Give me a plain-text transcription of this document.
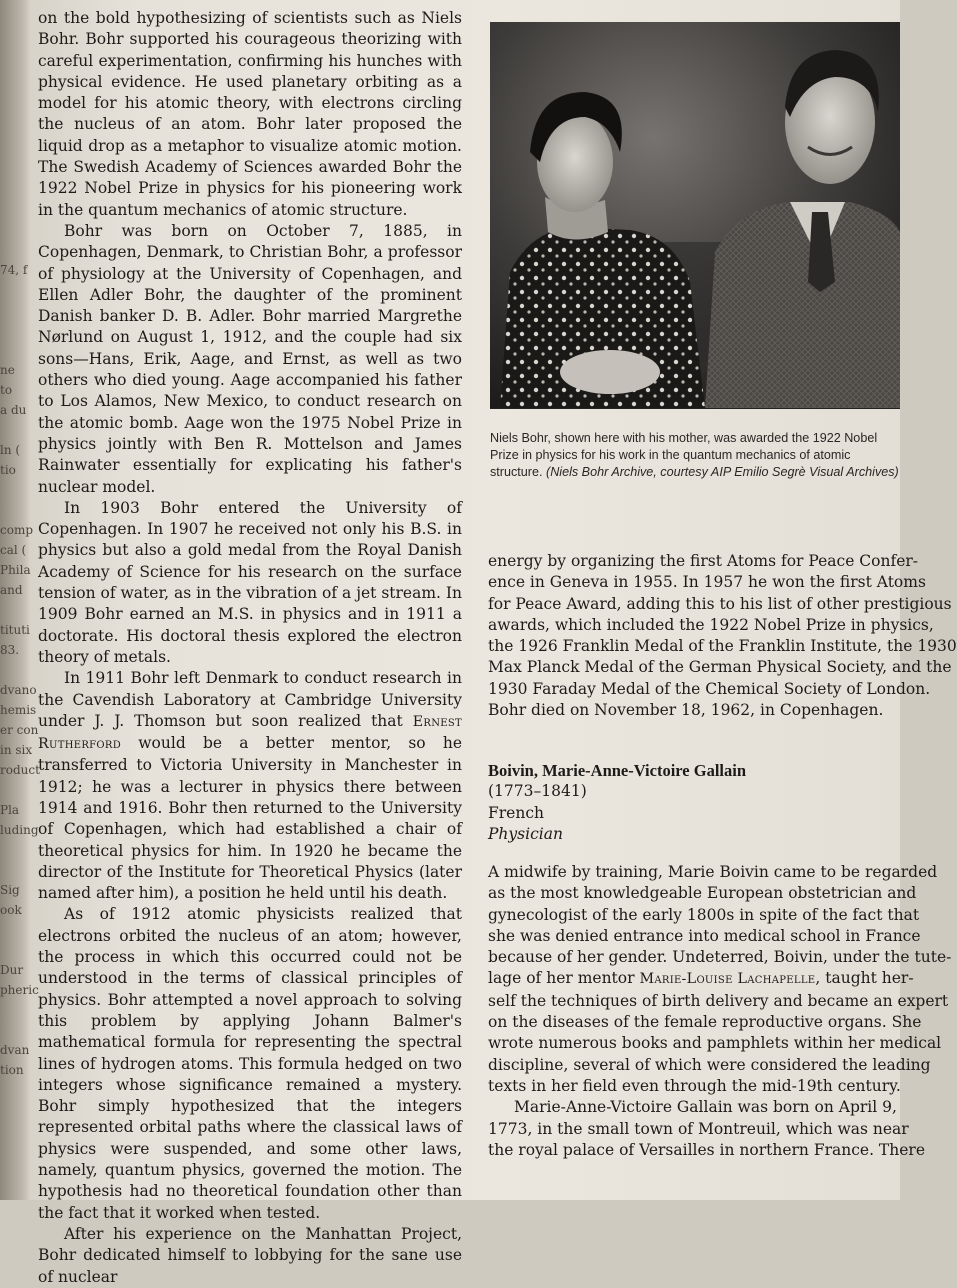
74, f

ne
to
a du

ln (
tio

comp
cal (
Phila
and

tituti
83.

dvano
hemis
er con
in six
roduct

Pla
luding

Sig
ook

Dur
pheric

dvan
tion

on the bold hypothesizing of scientists such as Niels Bohr. Bohr supported his courageous theorizing with careful experimentation, confirming his hunches with physical evidence. He used planetary orbiting as a model for his atomic theory, with electrons circling the nucleus of an atom. Bohr later proposed the liquid drop as a metaphor to visualize atomic motion. The Swedish Academy of Sciences awarded Bohr the 1922 Nobel Prize in physics for his pioneering work in the quantum mechanics of atomic structure.

Bohr was born on October 7, 1885, in Copenhagen, Denmark, to Christian Bohr, a professor of physiology at the University of Copenhagen, and Ellen Adler Bohr, the daughter of the prominent Danish banker D. B. Adler. Bohr married Margrethe Nørlund on August 1, 1912, and the couple had six sons—Hans, Erik, Aage, and Ernst, as well as two others who died young. Aage accompanied his father to Los Alamos, New Mexico, to conduct research on the atomic bomb. Aage won the 1975 Nobel Prize in physics jointly with Ben R. Mottelson and James Rainwater essentially for explicating his father's nuclear model.

In 1903 Bohr entered the University of Copenhagen. In 1907 he received not only his B.S. in physics but also a gold medal from the Royal Danish Academy of Science for his research on the surface tension of water, as in the vibration of a jet stream. In 1909 Bohr earned an M.S. in physics and in 1911 a doctorate. His doctoral thesis explored the electron theory of metals.

In 1911 Bohr left Denmark to conduct research in the Cavendish Laboratory at Cambridge University under J. J. Thomson but soon realized that Ernest Rutherford would be a better mentor, so he transferred to Victoria University in Manchester in 1912; he was a lecturer in physics there between 1914 and 1916. Bohr then returned to the University of Copenhagen, which had established a chair of theoretical physics for him. In 1920 he became the director of the Institute for Theoretical Physics (later named after him), a position he held until his death.

As of 1912 atomic physicists realized that electrons orbited the nucleus of an atom; however, the process in which this occurred could not be understood in the terms of classical principles of physics. Bohr attempted a novel approach to solving this problem by applying Johann Balmer's mathematical formula for representing the spectral lines of hydrogen atoms. This formula hedged on two integers whose significance remained a mystery. Bohr simply hypothesized that the integers represented orbital paths where the classical laws of physics were suspended, and some other laws, namely, quantum physics, governed the motion. The hypothesis had no theoretical foundation other than the fact that it worked when tested.

After his experience on the Manhattan Project, Bohr dedicated himself to lobbying for the sane use of nuclear

Niels Bohr, shown here with his mother, was awarded the 1922 Nobel Prize in physics for his work in the quantum mechanics of atomic structure. (Niels Bohr Archive, courtesy AIP Emilio Segrè Visual Archives)
energy by organizing the first Atoms for Peace Confer-
ence in Geneva in 1955. In 1957 he won the first Atoms
for Peace Award, adding this to his list of other prestigious
awards, which included the 1922 Nobel Prize in physics,
the 1926 Franklin Medal of the Franklin Institute, the 1930
Max Planck Medal of the German Physical Society, and the
1930 Faraday Medal of the Chemical Society of London.
Bohr died on November 18, 1962, in Copenhagen.
Boivin, Marie-Anne-Victoire Gallain
(1773–1841)
French
Physician
A midwife by training, Marie Boivin came to be regarded
as the most knowledgeable European obstetrician and
gynecologist of the early 1800s in spite of the fact that
she was denied entrance into medical school in France
because of her gender. Undeterred, Boivin, under the tute-
lage of her mentor Marie-Louise Lachapelle, taught her-
self the techniques of birth delivery and became an expert
on the diseases of the female reproductive organs. She
wrote numerous books and pamphlets within her medical
discipline, several of which were considered the leading
texts in her field even through the mid-19th century.
Marie-Anne-Victoire Gallain was born on April 9,
1773, in the small town of Montreuil, which was near
the royal palace of Versailles in northern France. There
